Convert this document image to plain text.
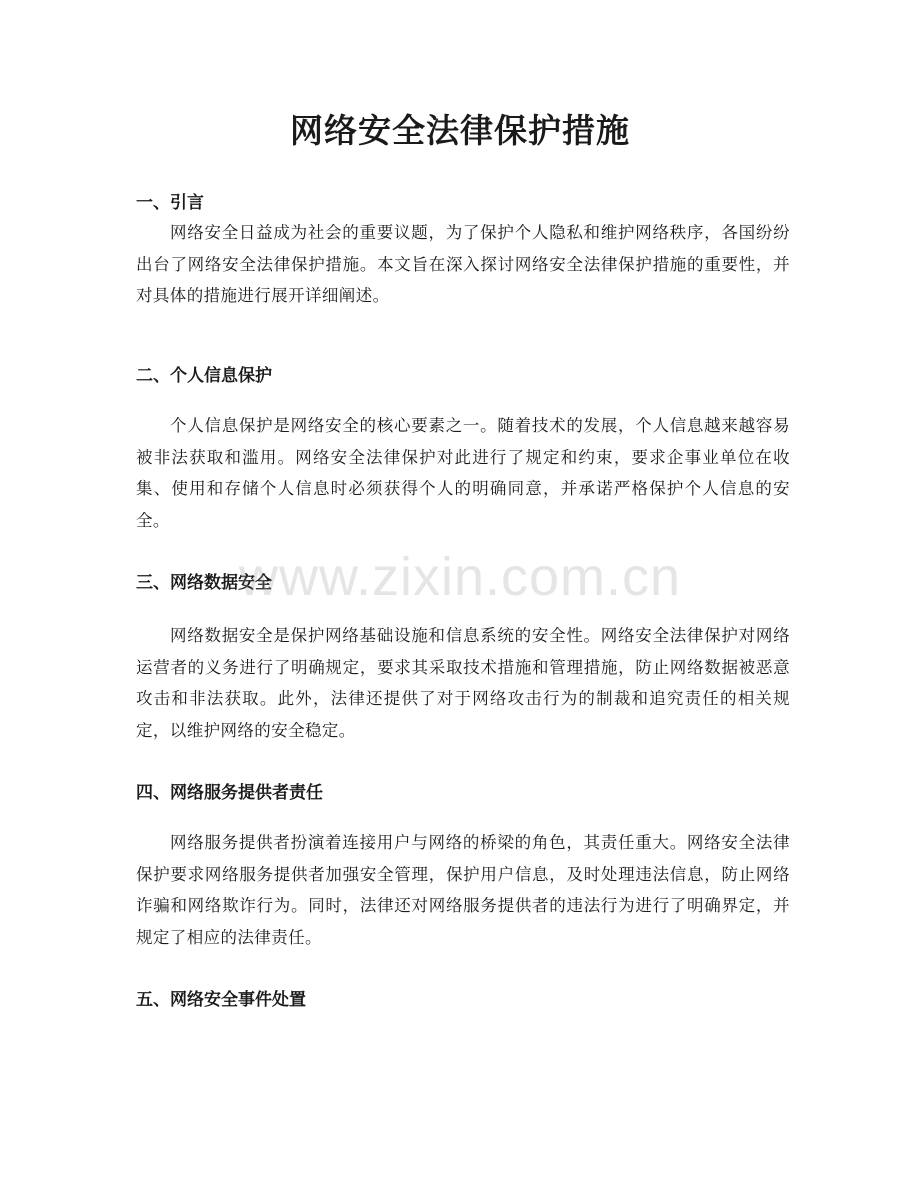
网络安全法律保护措施
一、引言

网络安全日益成为社会的重要议题，为了保护个人隐私和维护网络秩序，各国纷纷出台了网络安全法律保护措施。本文旨在深入探讨网络安全法律保护措施的重要性，并对具体的措施进行展开详细阐述。

二、个人信息保护

个人信息保护是网络安全的核心要素之一。随着技术的发展，个人信息越来越容易被非法获取和滥用。网络安全法律保护对此进行了规定和约束，要求企事业单位在收集、使用和存储个人信息时必须获得个人的明确同意，并承诺严格保护个人信息的安全。

三、网络数据安全

网络数据安全是保护网络基础设施和信息系统的安全性。网络安全法律保护对网络运营者的义务进行了明确规定，要求其采取技术措施和管理措施，防止网络数据被恶意攻击和非法获取。此外，法律还提供了对于网络攻击行为的制裁和追究责任的相关规定，以维护网络的安全稳定。

四、网络服务提供者责任

网络服务提供者扮演着连接用户与网络的桥梁的角色，其责任重大。网络安全法律保护要求网络服务提供者加强安全管理，保护用户信息，及时处理违法信息，防止网络诈骗和网络欺诈行为。同时，法律还对网络服务提供者的违法行为进行了明确界定，并规定了相应的法律责任。

五、网络安全事件处置
www.zixin.com.cn
